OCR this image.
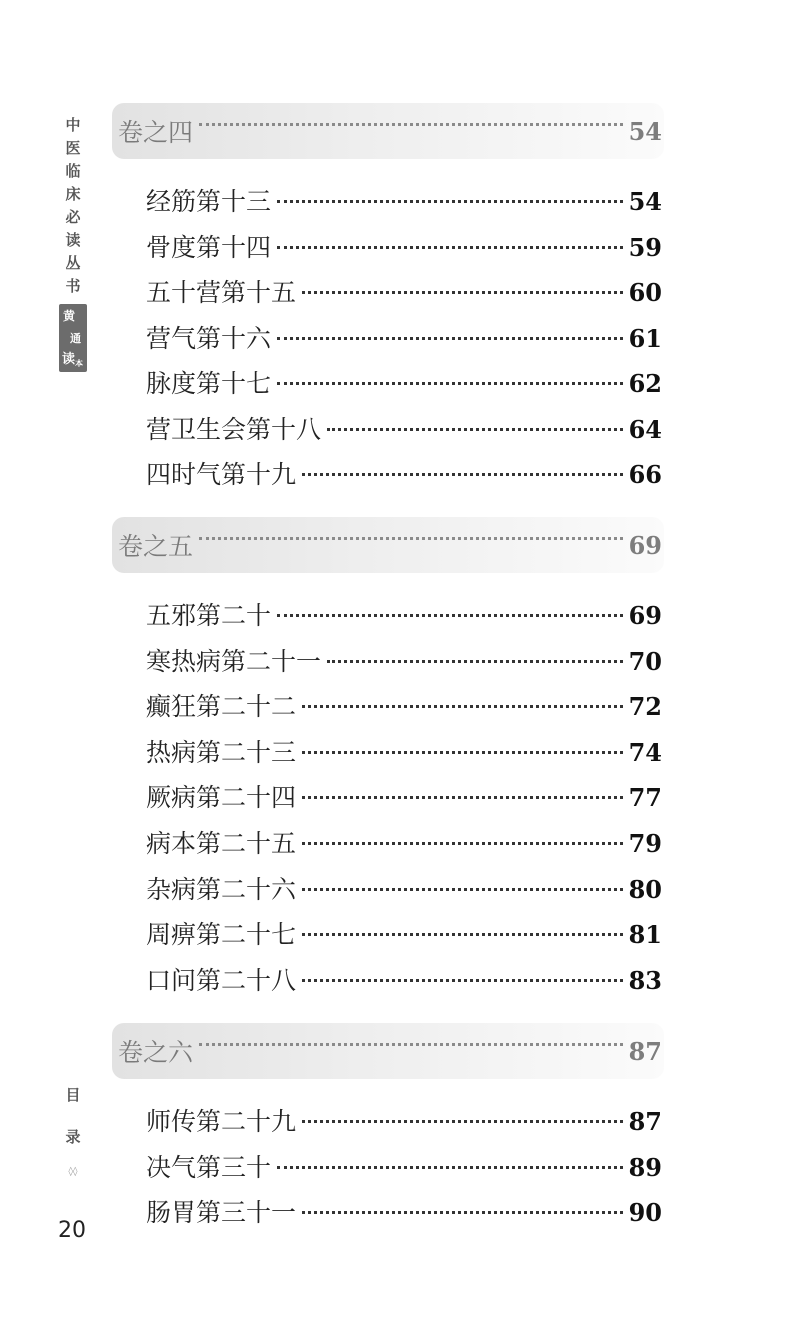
中
医
临
床
必
读
丛
书
黄
通
读 本
目
录
◊◊
20
卷之四	54
经筋第十三	54
骨度第十四	59
五十营第十五	60
营气第十六	61
脉度第十七	62
营卫生会第十八	64
四时气第十九	66
卷之五	69
五邪第二十	69
寒热病第二十一	70
癫狂第二十二	72
热病第二十三	74
厥病第二十四	77
病本第二十五	79
杂病第二十六	80
周痹第二十七	81
口问第二十八	83
卷之六	87
师传第二十九	87
决气第三十	89
肠胃第三十一	90
